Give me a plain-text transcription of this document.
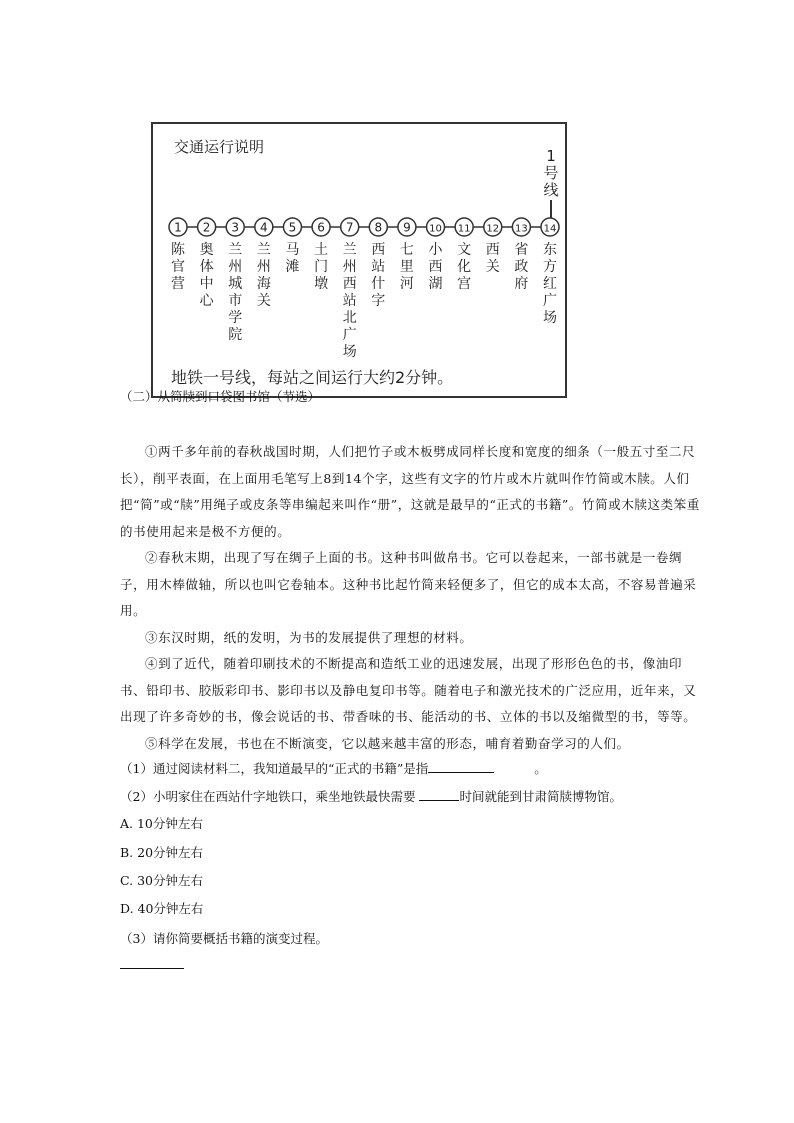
交通运行说明	1号线
1 2 3 4 5 6 7 8 9 10 11 12 13 14
陈官营
奥体中心
兰州城市学院
兰州海关
马滩
土门墩
兰州西站北广场
西站什字
七里河
小西湖
文化宫
西关
省政府
东方红广场
地铁一号线，每站之间运行大约2分钟。
（二）从简牍到口袋图书馆（节选）

①两千多年前的春秋战国时期，人们把竹子或木板劈成同样长度和宽度的细条（一般五寸至二尺长），削平表面，在上面用毛笔写上8到14个字，这些有文字的竹片或木片就叫作竹简或木牍。人们把“简”或“牍”用绳子或皮条等串编起来叫作“册”，这就是最早的“正式的书籍”。竹简或木牍这类笨重的书使用起来是极不方便的。

②春秋末期，出现了写在绸子上面的书。这种书叫做帛书。它可以卷起来，一部书就是一卷绸子，用木棒做轴，所以也叫它卷轴本。这种书比起竹简来轻便多了，但它的成本太高，不容易普遍采用。

③东汉时期，纸的发明，为书的发展提供了理想的材料。

④到了近代，随着印刷技术的不断提高和造纸工业的迅速发展，出现了形形色色的书，像油印书、铅印书、胶版彩印书、影印书以及静电复印书等。随着电子和激光技术的广泛应用，近年来，又出现了许多奇妙的书，像会说话的书、带香味的书、能活动的书、立体的书以及缩微型的书，等等。

⑤科学在发展，书也在不断演变，它以越来越丰富的形态，哺育着勤奋学习的人们。

（1）通过阅读材料二，我知道最早的“正式的书籍”是指	。
（2）小明家住在西站什字地铁口，乘坐地铁最快需要	时间就能到甘肃简牍博物馆。
A. 10分钟左右
B. 20分钟左右
C. 30分钟左右
D. 40分钟左右
（3）请你简要概括书籍的演变过程。
